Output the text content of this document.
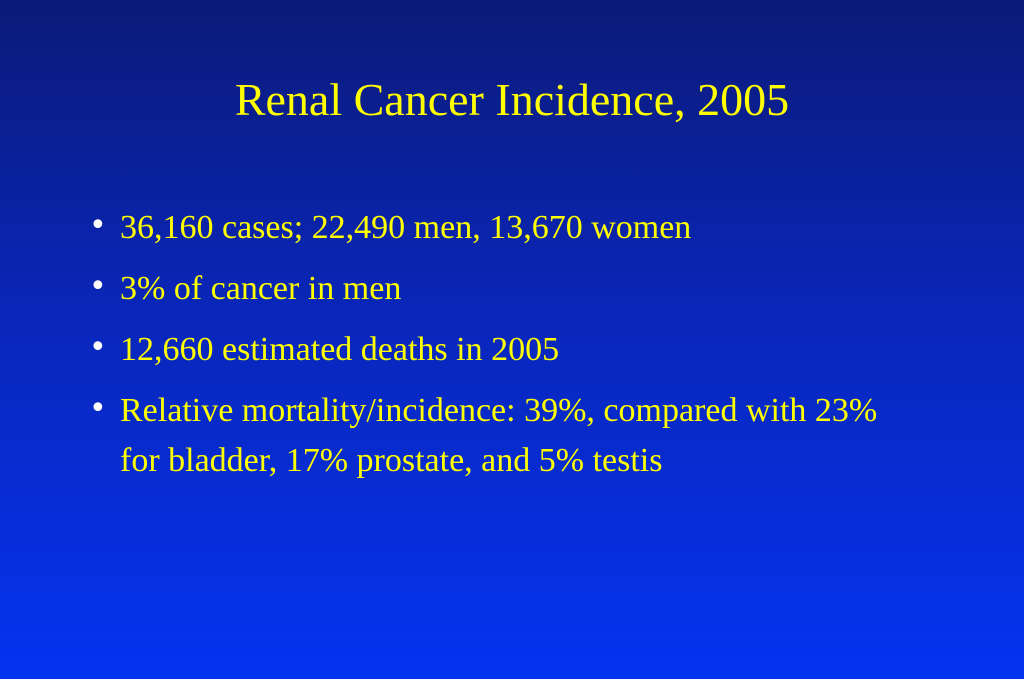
Renal Cancer Incidence, 2005
• 36,160 cases; 22,490 men, 13,670 women
• 3% of cancer in men
• 12,660 estimated deaths in 2005
• Relative mortality/incidence: 39%, compared with 23% for bladder, 17% prostate, and 5% testis
